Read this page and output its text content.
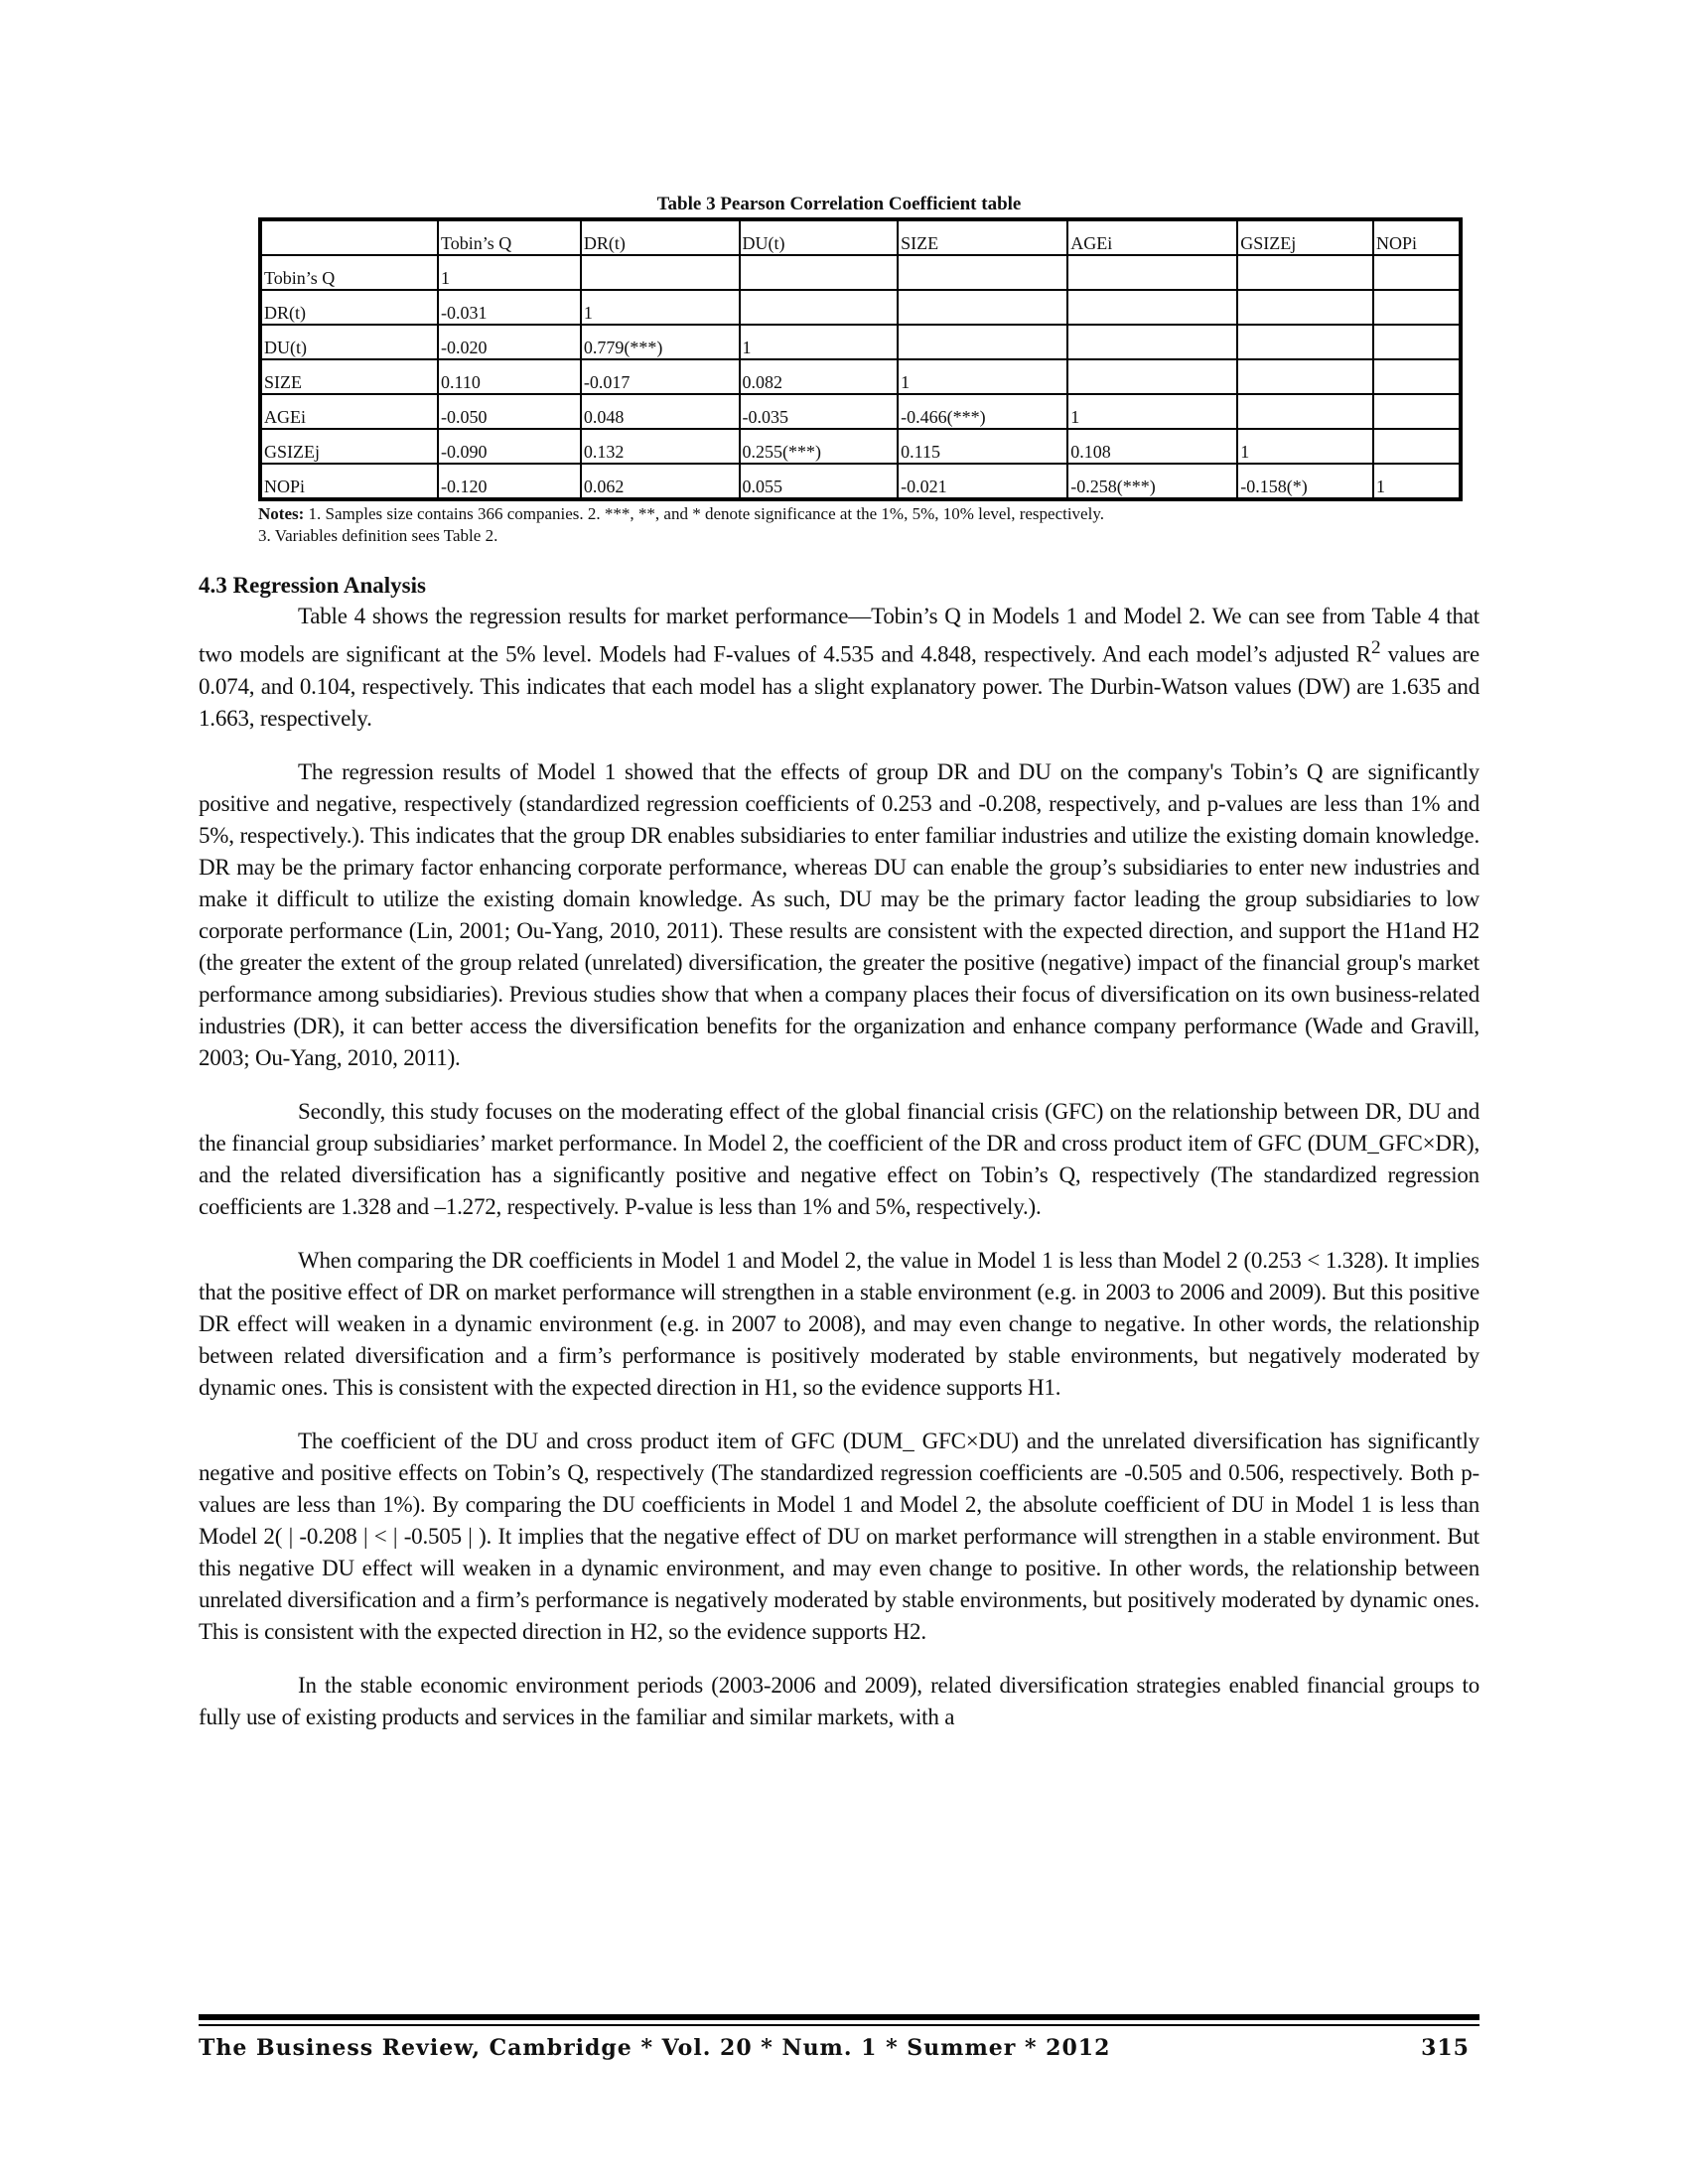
Table 3 Pearson Correlation Coefficient table
	Tobin’s Q	DR(t)	DU(t)	SIZE	AGEi	GSIZEj	NOPi
Tobin’s Q	1						
DR(t)	-0.031	1					
DU(t)	-0.020	0.779(***)	1				
SIZE	0.110	-0.017	0.082	1			
AGEi	-0.050	0.048	-0.035	-0.466(***)	1		
GSIZEj	-0.090	0.132	0.255(***)	0.115	0.108	1	
NOPi	-0.120	0.062	0.055	-0.021	-0.258(***)	-0.158(*)	1
Notes: 1. Samples size contains 366 companies. 2. ***, **, and * denote significance at the 1%, 5%, 10% level, respectively.
3. Variables definition sees Table 2.
4.3 Regression Analysis

Table 4 shows the regression results for market performance—Tobin’s Q in Models 1 and Model 2. We can see from Table 4 that two models are significant at the 5% level. Models had F-values of 4.535 and 4.848, respectively. And each model’s adjusted $R^2$ values are 0.074, and 0.104, respectively. This indicates that each model has a slight explanatory power. The Durbin-Watson values (DW) are 1.635 and 1.663, respectively.

The regression results of Model 1 showed that the effects of group DR and DU on the company's Tobin’s Q are significantly positive and negative, respectively (standardized regression coefficients of 0.253 and -0.208, respectively, and p-values are less than 1% and 5%, respectively.). This indicates that the group DR enables subsidiaries to enter familiar industries and utilize the existing domain knowledge. DR may be the primary factor enhancing corporate performance, whereas DU can enable the group’s subsidiaries to enter new industries and make it difficult to utilize the existing domain knowledge. As such, DU may be the primary factor leading the group subsidiaries to low corporate performance (Lin, 2001; Ou-Yang, 2010, 2011). These results are consistent with the expected direction, and support the H1and H2 (the greater the extent of the group related (unrelated) diversification, the greater the positive (negative) impact of the financial group's market performance among subsidiaries). Previous studies show that when a company places their focus of diversification on its own business-related industries (DR), it can better access the diversification benefits for the organization and enhance company performance (Wade and Gravill, 2003; Ou-Yang, 2010, 2011).

Secondly, this study focuses on the moderating effect of the global financial crisis (GFC) on the relationship between DR, DU and the financial group subsidiaries’ market performance. In Model 2, the coefficient of the DR and cross product item of GFC (DUM_GFC×DR), and the related diversification has a significantly positive and negative effect on Tobin’s Q, respectively (The standardized regression coefficients are 1.328 and –1.272, respectively. P-value is less than 1% and 5%, respectively.).

When comparing the DR coefficients in Model 1 and Model 2, the value in Model 1 is less than Model 2 (0.253 < 1.328). It implies that the positive effect of DR on market performance will strengthen in a stable environment (e.g. in 2003 to 2006 and 2009). But this positive DR effect will weaken in a dynamic environment (e.g. in 2007 to 2008), and may even change to negative. In other words, the relationship between related diversification and a firm’s performance is positively moderated by stable environments, but negatively moderated by dynamic ones. This is consistent with the expected direction in H1, so the evidence supports H1.

The coefficient of the DU and cross product item of GFC (DUM_ GFC×DU) and the unrelated diversification has significantly negative and positive effects on Tobin’s Q, respectively (The standardized regression coefficients are -0.505 and 0.506, respectively. Both p-values are less than 1%). By comparing the DU coefficients in Model 1 and Model 2, the absolute coefficient of DU in Model 1 is less than Model 2( | -0.208 | < | -0.505 | ). It implies that the negative effect of DU on market performance will strengthen in a stable environment. But this negative DU effect will weaken in a dynamic environment, and may even change to positive. In other words, the relationship between unrelated diversification and a firm’s performance is negatively moderated by stable environments, but positively moderated by dynamic ones. This is consistent with the expected direction in H2, so the evidence supports H2.

In the stable economic environment periods (2003-2006 and 2009), related diversification strategies enabled financial groups to fully use of existing products and services in the familiar and similar markets, with a

The Business Review, Cambridge * Vol. 20 * Num. 1 * Summer * 2012	315
